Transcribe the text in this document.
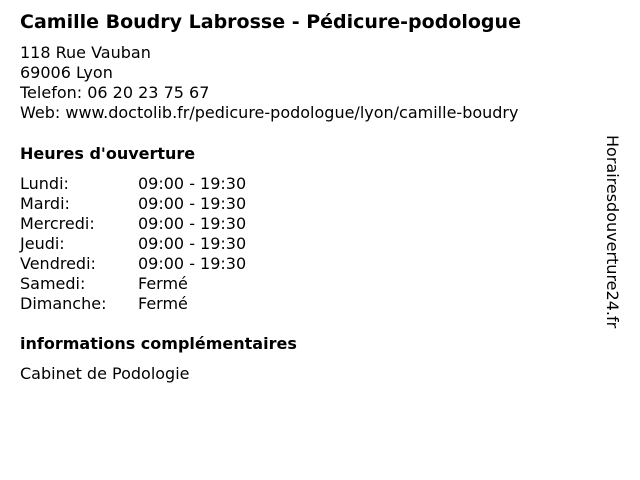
Camille Boudry Labrosse - Pédicure-podologue
118 Rue Vauban
69006 Lyon
Telefon: 06 20 23 75 67
Web: www.doctolib.fr/pedicure-podologue/lyon/camille-boudry
Heures d'ouverture
Lundi:	09:00 - 19:30
Mardi:	09:00 - 19:30
Mercredi:	09:00 - 19:30
Jeudi:	09:00 - 19:30
Vendredi:	09:00 - 19:30
Samedi:	Fermé
Dimanche:	Fermé
informations complémentaires
Cabinet de Podologie
Horairesdouverture24.fr
